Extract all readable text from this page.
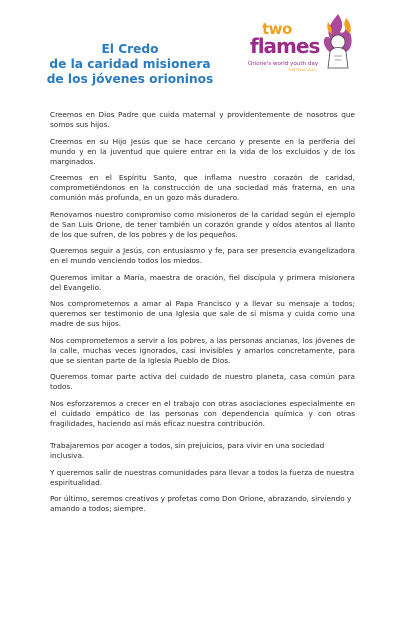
El Credo
de la caridad misionera
de los jóvenes orioninos
two
flames
Orione's world youth day
TORTONA 2020

Creemos en Dios Padre que cuida maternal y providentemente de nosotros que somos sus hijos.

Creemos en su Hijo Jesús que se hace cercano y presente en la periferia del mundo y en la juventud que quiere entrar en la vida de los excluidos y de los marginados.

Creemos en el Espíritu Santo, que inflama nuestro corazón de caridad, comprometiéndonos en la construcción de una sociedad más fraterna, en una comunión más profunda, en un gozo más duradero.

Renovamos nuestro compromiso como misioneros de la caridad según el ejemplo de San Luis Orione, de tener también un corazón grande y oídos atentos al llanto de los que sufren, de los pobres y de los pequeños.

Queremos seguir a Jesús, con entusiasmo y fe, para ser presencia evangelizadora en el mundo venciendo todos los miedos.

Queremos imitar a María, maestra de oración, fiel discípula y primera misionera del Evangelio.

Nos comprometemos a amar al Papa Francisco y a llevar su mensaje a todos; queremos ser testimonio de una Iglesia que sale de sí misma y cuida como una madre de sus hijos.

Nos comprometemos a servir a los pobres, a las personas ancianas, los jóvenes de la calle, muchas veces ignorados, casi invisibles y amarlos concretamente, para que se sientan parte de la Iglesia Pueblo de Dios.

Queremos tomar parte activa del cuidado de nuestro planeta, casa común para todos.

Nos esforzaremos a crecer en el trabajo con otras asociaciones especialmente en el cuidado empático de las personas con dependencia química y con otras fragilidades, haciendo así más eficaz nuestra contribución.

Trabajaremos por acoger a todos, sin prejuicios, para vivir en una sociedad inclusiva.

Y queremos salir de nuestras comunidades para llevar a todos la fuerza de nuestra espiritualidad.

Por último, seremos creativos y profetas como Don Orione, abrazando, sirviendo y amando a todos; siempre.
